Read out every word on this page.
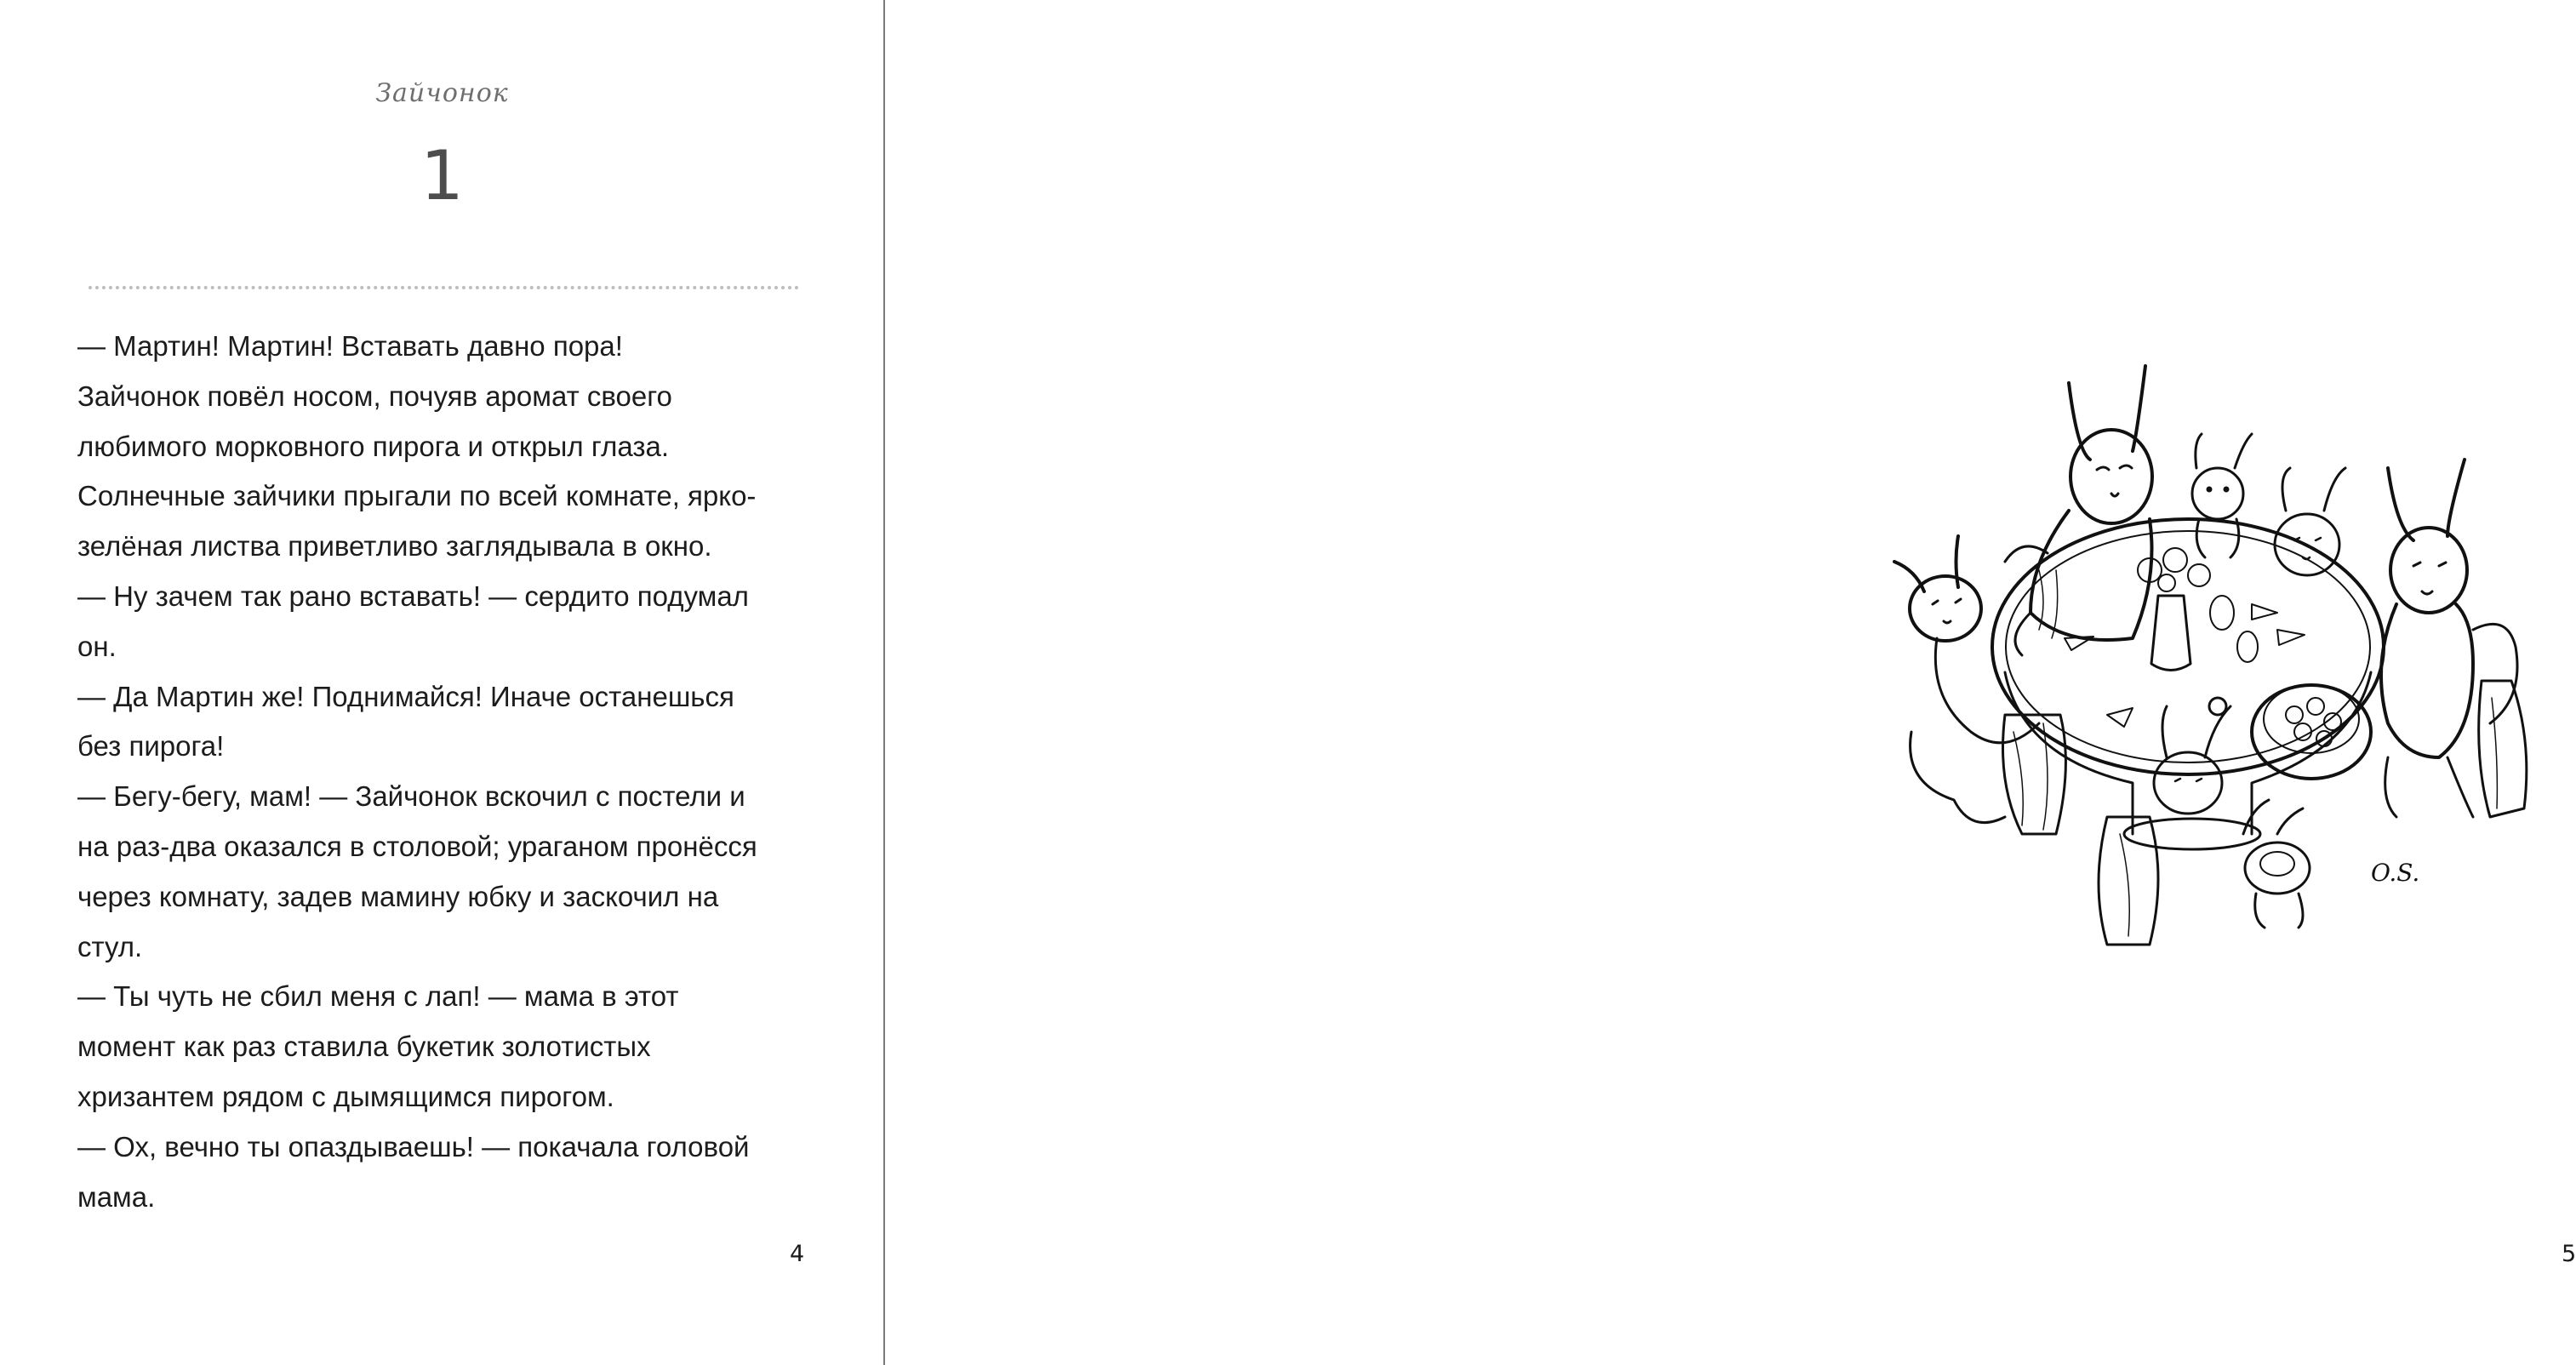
Зайчонок
1
— Мартин! Мартин! Вставать давно пора!
Зайчонок повёл носом, почуяв аромат своего
любимого морковного пирога и открыл глаза.
Солнечные зайчики прыгали по всей комнате, ярко-
зелёная листва приветливо заглядывала в окно.
— Ну зачем так рано вставать! — сердито подумал
он.
— Да Мартин же! Поднимайся! Иначе останешься
без пирога!
— Бегу-бегу, мам! — Зайчонок вскочил с постели и
на раз-два оказался в столовой; ураганом пронёсся
через комнату, задев мамину юбку и заскочил на
стул.
— Ты чуть не сбил меня с лап! — мама в этот
момент как раз ставила букетик золотистых
хризантем рядом с дымящимся пирогом.
— Ох, вечно ты опаздываешь! — покачала головой
мама.
4
O.S.
5
